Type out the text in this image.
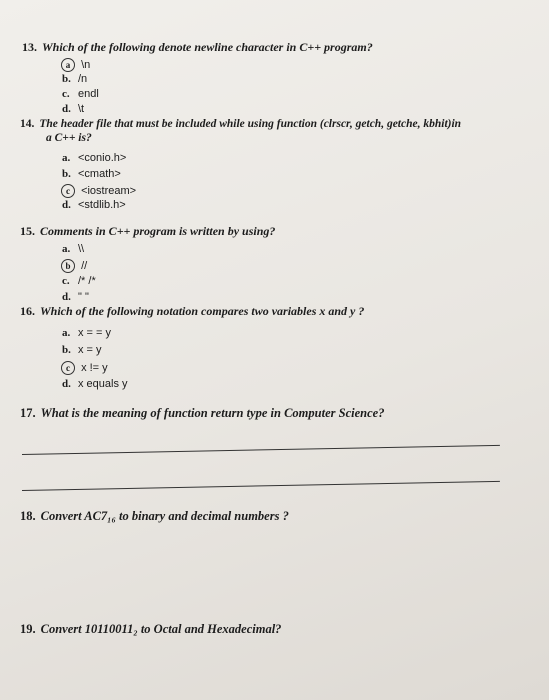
13. Which of the following denote newline character in C++ program?
a \n
b. /n
c. endl
d. \t
14. The header file that must be included while using function (clrscr, getch, getche, kbhit)in
a C++ is?
a. <conio.h>
b. <cmath>
c <iostream>
d. <stdlib.h>
15. Comments in C++ program is written by using?
a. \\
b //
c. /* /*
d. " "
16. Which of the following notation compares two variables x and y ?
a. x = = y
b. x = y
c x != y
d. x equals y
17. What is the meaning of function return type in Computer Science?
18. Convert AC7₁₆ to binary and decimal numbers ?
19. Convert 10110011₂ to Octal and Hexadecimal?
